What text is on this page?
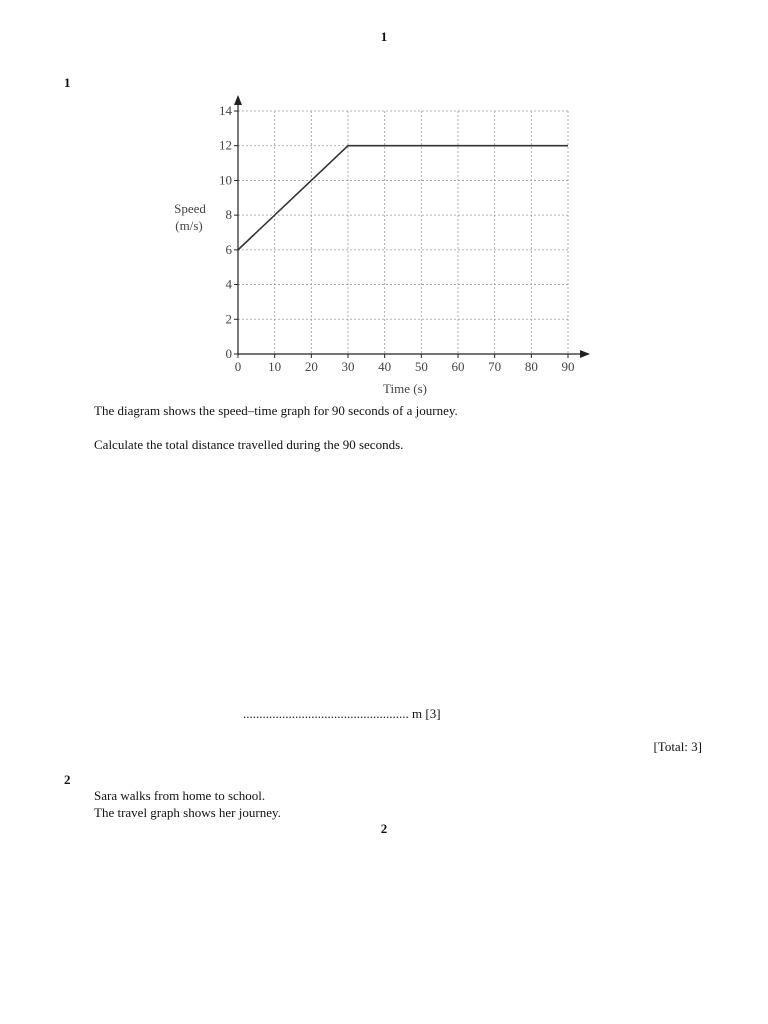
1
1
0 10 20 30 40 50 60 70 80 90
0
2
4
6
8
10
12
14
Time (s)
Speed
(m/s)
The diagram shows the speed–time graph for 90 seconds of a journey.
Calculate the total distance travelled during the 90 seconds.
................................................... m [3]
[Total: 3]
2
Sara walks from home to school.
The travel graph shows her journey.
2
